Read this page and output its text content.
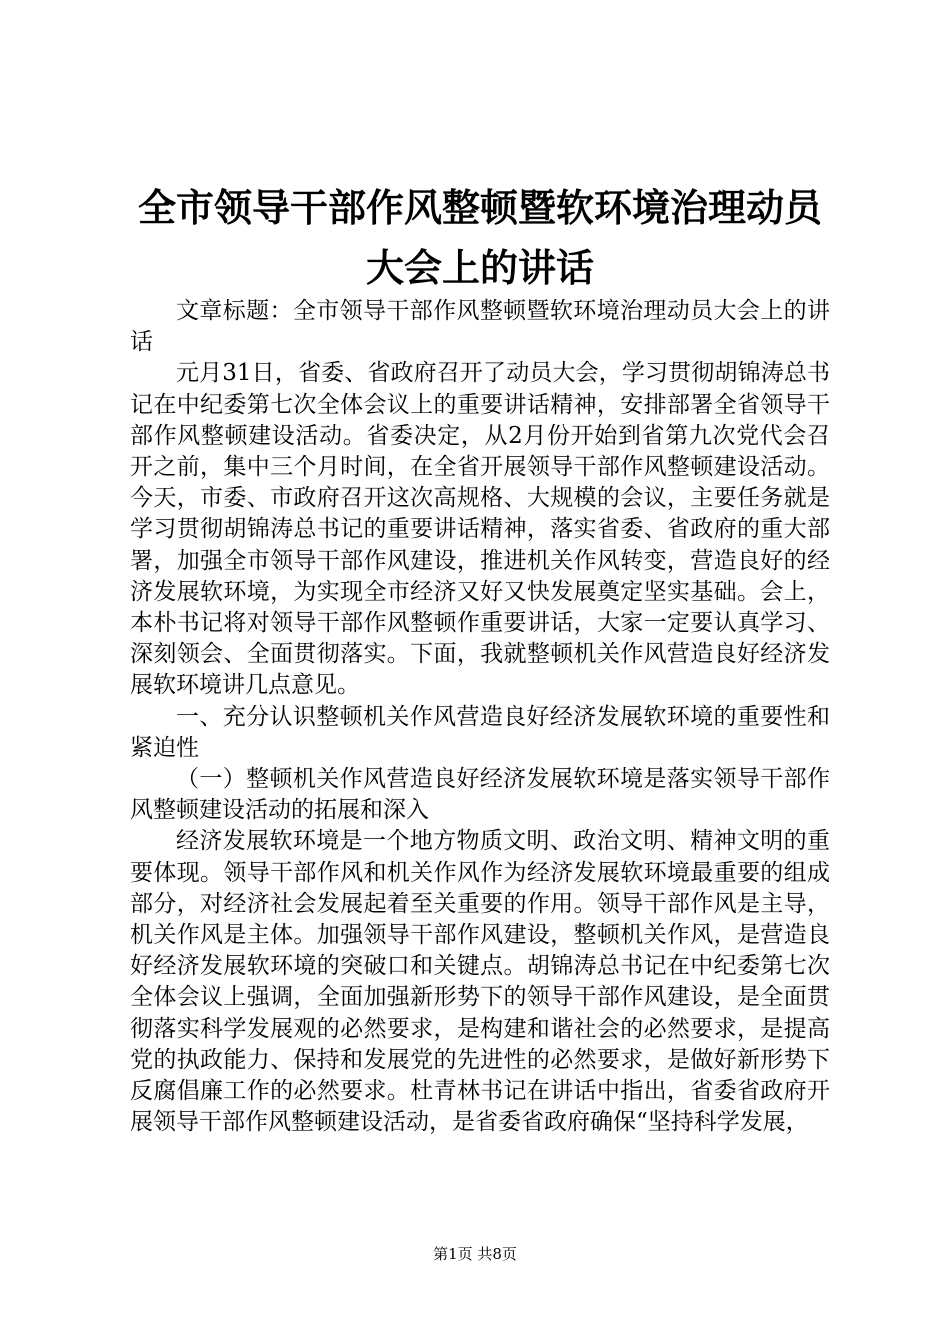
全市领导干部作风整顿暨软环境治理动员大会上的讲话

文章标题：全市领导干部作风整顿暨软环境治理动员大会上的讲话

元月31日，省委、省政府召开了动员大会，学习贯彻胡锦涛总书记在中纪委第七次全体会议上的重要讲话精神，安排部署全省领导干部作风整顿建设活动。省委决定，从2月份开始到省第九次党代会召开之前，集中三个月时间，在全省开展领导干部作风整顿建设活动。今天，市委、市政府召开这次高规格、大规模的会议，主要任务就是学习贯彻胡锦涛总书记的重要讲话精神，落实省委、省政府的重大部署，加强全市领导干部作风建设，推进机关作风转变，营造良好的经济发展软环境，为实现全市经济又好又快发展奠定坚实基础。会上，本朴书记将对领导干部作风整顿作重要讲话，大家一定要认真学习、深刻领会、全面贯彻落实。下面，我就整顿机关作风营造良好经济发展软环境讲几点意见。

一、充分认识整顿机关作风营造良好经济发展软环境的重要性和紧迫性

（一）整顿机关作风营造良好经济发展软环境是落实领导干部作风整顿建设活动的拓展和深入

经济发展软环境是一个地方物质文明、政治文明、精神文明的重要体现。领导干部作风和机关作风作为经济发展软环境最重要的组成部分，对经济社会发展起着至关重要的作用。领导干部作风是主导，机关作风是主体。加强领导干部作风建设，整顿机关作风，是营造良好经济发展软环境的突破口和关键点。胡锦涛总书记在中纪委第七次全体会议上强调，全面加强新形势下的领导干部作风建设，是全面贯彻落实科学发展观的必然要求，是构建和谐社会的必然要求，是提高党的执政能力、保持和发展党的先进性的必然要求，是做好新形势下反腐倡廉工作的必然要求。杜青林书记在讲话中指出，省委省政府开展领导干部作风整顿建设活动，是省委省政府确保“坚持科学发展，

第1页 共8页
